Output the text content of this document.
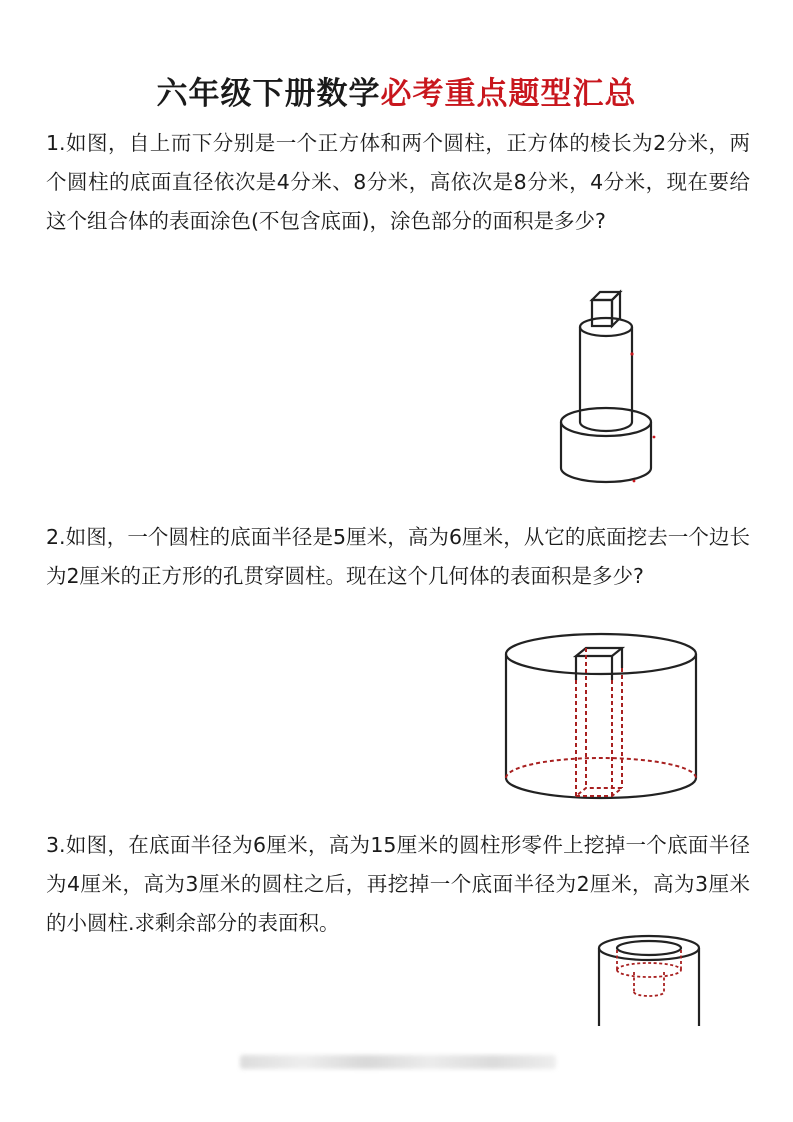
六年级下册数学必考重点题型汇总

1.如图，自上而下分别是一个正方体和两个圆柱，正方体的棱长为2分米，两个圆柱的底面直径依次是4分米、8分米，高依次是8分米，4分米，现在要给这个组合体的表面涂色(不包含底面)，涂色部分的面积是多少?

2.如图，一个圆柱的底面半径是5厘米，高为6厘米，从它的底面挖去一个边长为2厘米的正方形的孔贯穿圆柱。现在这个几何体的表面积是多少?

3.如图，在底面半径为6厘米，高为15厘米的圆柱形零件上挖掉一个底面半径为4厘米，高为3厘米的圆柱之后，再挖掉一个底面半径为2厘米，高为3厘米的小圆柱.求剩余部分的表面积。
